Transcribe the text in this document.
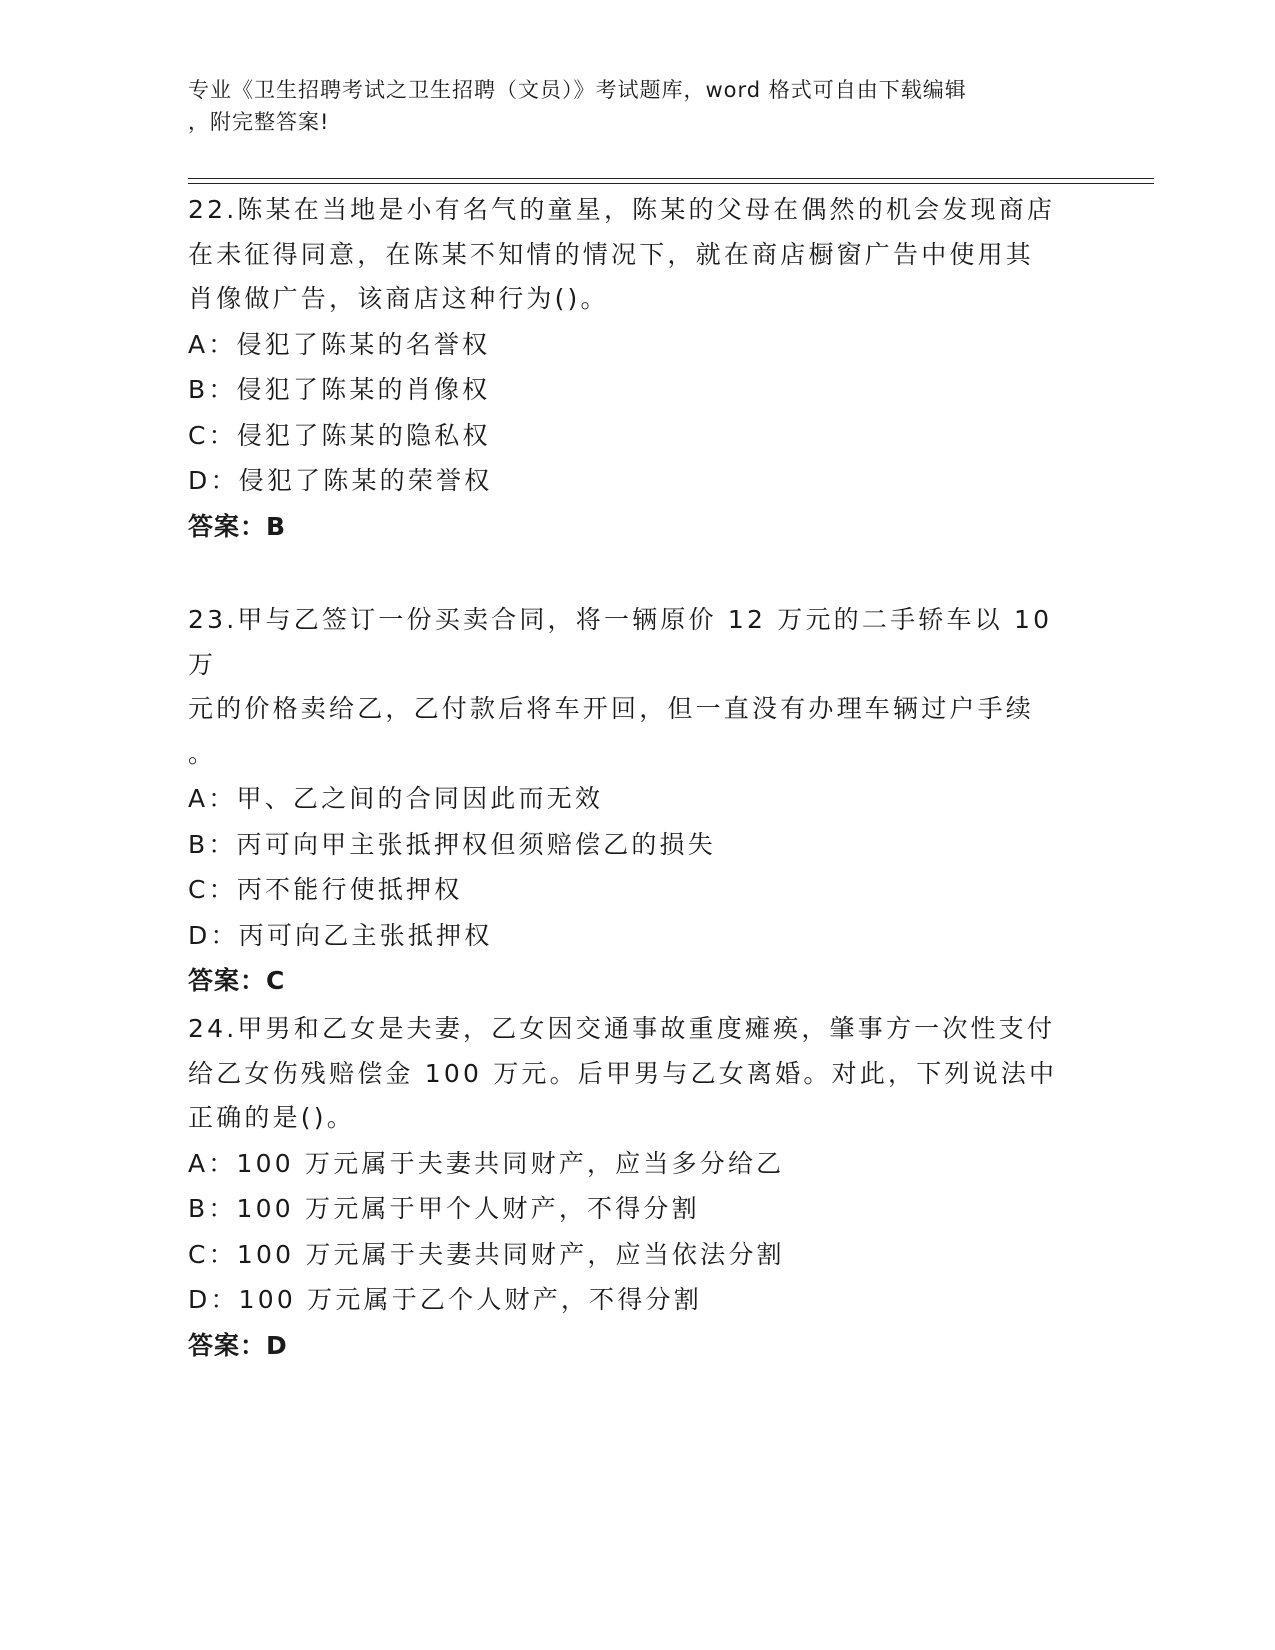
专业《卫生招聘考试之卫生招聘（文员）》考试题库，word 格式可自由下载编辑
，附完整答案!

22.陈某在当地是小有名气的童星，陈某的父母在偶然的机会发现商店
在未征得同意，在陈某不知情的情况下，就在商店橱窗广告中使用其
肖像做广告，该商店这种行为()。

A：侵犯了陈某的名誉权
B：侵犯了陈某的肖像权
C：侵犯了陈某的隐私权
D：侵犯了陈某的荣誉权
答案：B

23.甲与乙签订一份买卖合同，将一辆原价 12 万元的二手轿车以 10 万
元的价格卖给乙，乙付款后将车开回，但一直没有办理车辆过户手续
。

A：甲、乙之间的合同因此而无效
B：丙可向甲主张抵押权但须赔偿乙的损失
C：丙不能行使抵押权
D：丙可向乙主张抵押权
答案：C

24.甲男和乙女是夫妻，乙女因交通事故重度瘫痪，肇事方一次性支付
给乙女伤残赔偿金 100 万元。后甲男与乙女离婚。对此，下列说法中
正确的是()。

A：100 万元属于夫妻共同财产，应当多分给乙
B：100 万元属于甲个人财产，不得分割
C：100 万元属于夫妻共同财产，应当依法分割
D：100 万元属于乙个人财产，不得分割
答案：D
